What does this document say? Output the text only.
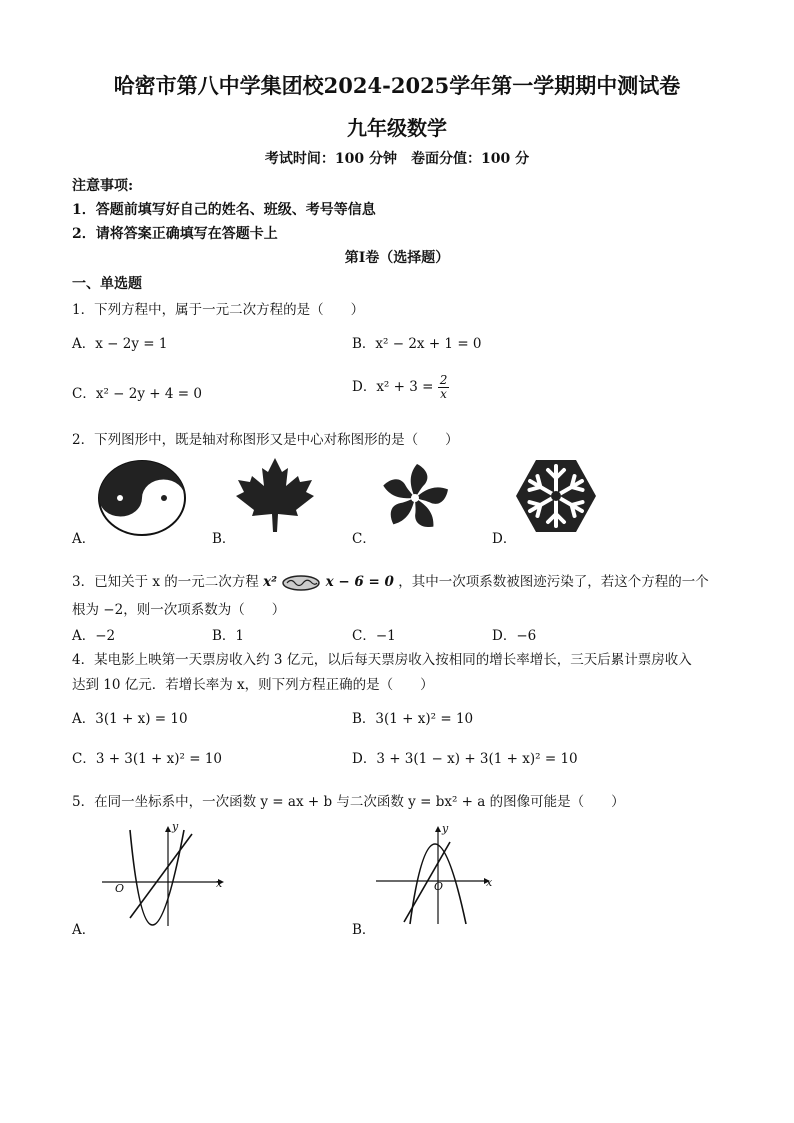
哈密市第八中学集团校2024-2025学年第一学期期中测试卷
九年级数学
考试时间：100 分钟　卷面分值：100 分
注意事项:
1．答题前填写好自己的姓名、班级、考号等信息
2．请将答案正确填写在答题卡上
第Ⅰ卷（选择题）
一、单选题
1．下列方程中，属于一元二次方程的是（　　）
A．x − 2y = 1	B．x² − 2x + 1 = 0
C．x² − 2y + 4 = 0	D．$x^2 + 3 = \frac{2}{x}$
2．下列图形中，既是轴对称图形又是中心对称图形的是（　　）
A．	B．	C．	D．
3．已知关于 x 的一元二次方程 x²	x − 6 = 0 ，其中一次项系数被图迹污染了，若这个方程的一个
根为 −2，则一次项系数为（　　）
A．−2	B．1	C．−1	D．−6
4．某电影上映第一天票房收入约 3 亿元，以后每天票房收入按相同的增长率增长，三天后累计票房收入
达到 10 亿元．若增长率为 x，则下列方程正确的是（　　）
A．3(1 + x) = 10	B．3(1 + x)² = 10
C．3 + 3(1 + x)² = 10	D．3 + 3(1 − x) + 3(1 + x)² = 10
5．在同一坐标系中，一次函数 y = ax + b 与二次函数 y = bx² + a 的图像可能是（　　）
O	x
y
A．
O	x
y
B．
